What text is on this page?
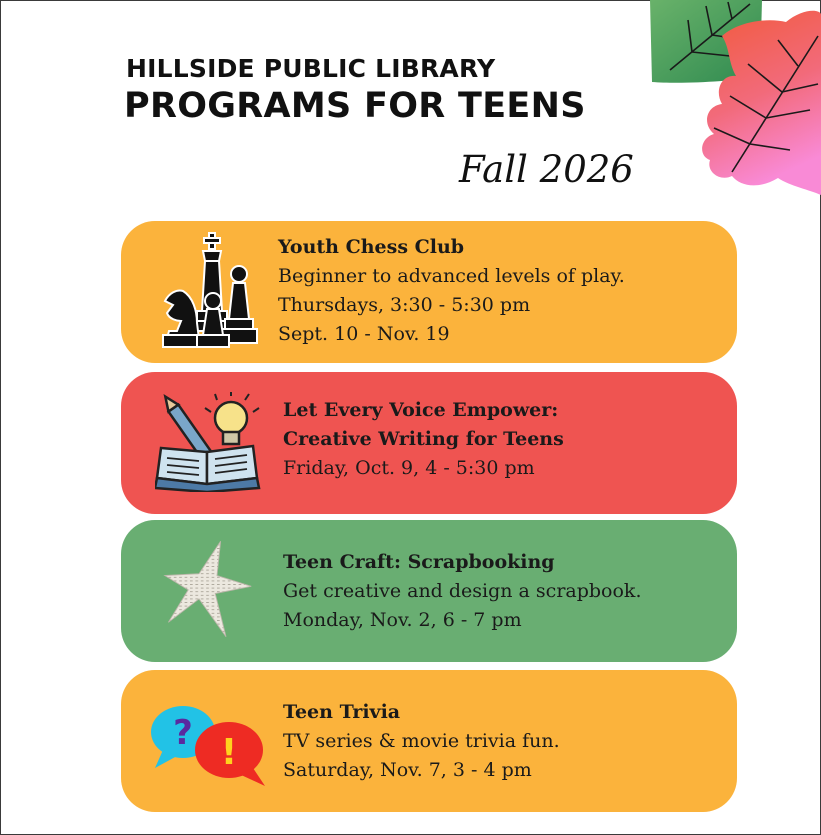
HILLSIDE PUBLIC LIBRARY
PROGRAMS FOR TEENS
Fall 2026
Youth Chess Club
Beginner to advanced levels of play.
Thursdays, 3:30 - 5:30 pm
Sept. 10 - Nov. 19
Let Every Voice Empower:
Creative Writing for Teens
Friday, Oct. 9, 4 - 5:30 pm
Teen Craft: Scrapbooking
Get creative and design a scrapbook.
Monday, Nov. 2, 6 - 7 pm
? !
Teen Trivia
TV series & movie trivia fun.
Saturday, Nov. 7, 3 - 4 pm
